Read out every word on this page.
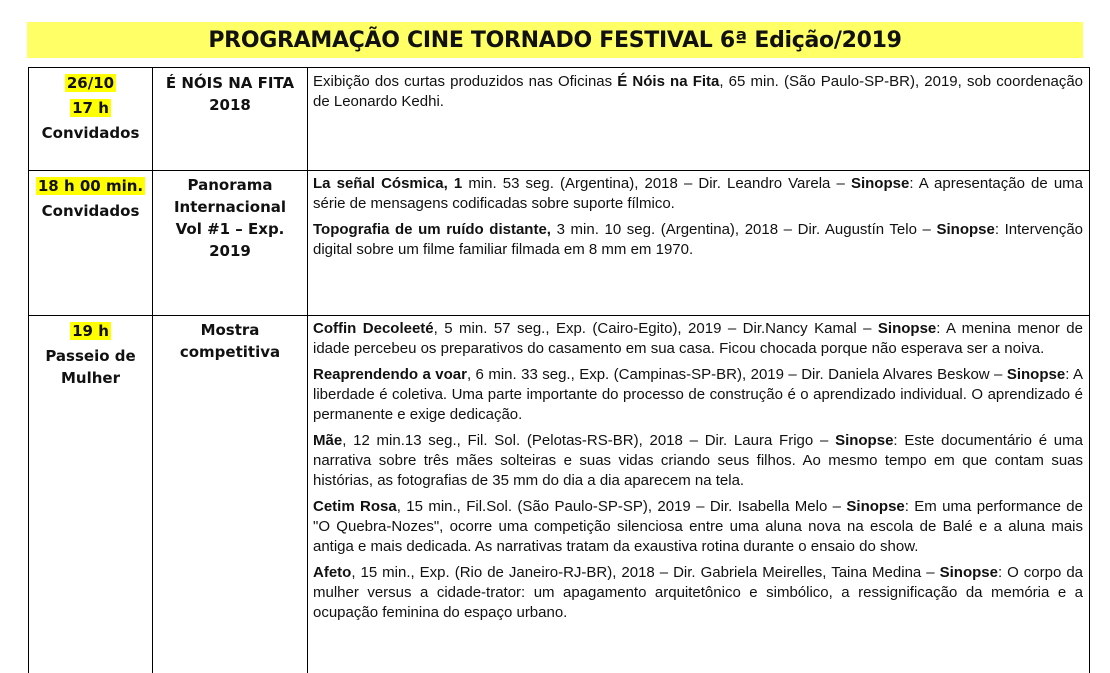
PROGRAMAÇÃO CINE TORNADO FESTIVAL 6ª Edição/2019
26/10
17 h
Convidados
É NÓIS NA FITA 2018

Exibição dos curtas produzidos nas Oficinas É Nóis na Fita, 65 min. (São Paulo-SP-BR), 2019, sob coordenação de Leonardo Kedhi.

18 h 00 min.
Convidados
Panorama Internacional Vol #1 – Exp. 2019

La señal Cósmica, 1 min. 53 seg. (Argentina), 2018 – Dir. Leandro Varela – Sinopse: A apresentação de uma série de mensagens codificadas sobre suporte fílmico.

Topografia de um ruído distante, 3 min. 10 seg. (Argentina), 2018 – Dir. Augustín Telo – Sinopse: Intervenção digital sobre um filme familiar filmada em 8 mm em 1970.

19 h
Passeio de Mulher
Mostra competitiva

Coffin Decoleeté, 5 min. 57 seg., Exp. (Cairo-Egito), 2019 – Dir.Nancy Kamal – Sinopse: A menina menor de idade percebeu os preparativos do casamento em sua casa. Ficou chocada porque não esperava ser a noiva.

Reaprendendo a voar, 6 min. 33 seg., Exp. (Campinas-SP-BR), 2019 – Dir. Daniela Alvares Beskow – Sinopse: A liberdade é coletiva. Uma parte importante do processo de construção é o aprendizado individual. O aprendizado é permanente e exige dedicação.

Mãe, 12 min.13 seg., Fil. Sol. (Pelotas-RS-BR), 2018 – Dir. Laura Frigo – Sinopse: Este documentário é uma narrativa sobre três mães solteiras e suas vidas criando seus filhos. Ao mesmo tempo em que contam suas histórias, as fotografias de 35 mm do dia a dia aparecem na tela.

Cetim Rosa, 15 min., Fil.Sol. (São Paulo-SP-SP), 2019 – Dir. Isabella Melo – Sinopse: Em uma performance de "O Quebra-Nozes", ocorre uma competição silenciosa entre uma aluna nova na escola de Balé e a aluna mais antiga e mais dedicada. As narrativas tratam da exaustiva rotina durante o ensaio do show.

Afeto, 15 min., Exp. (Rio de Janeiro-RJ-BR), 2018 – Dir. Gabriela Meirelles, Taina Medina – Sinopse: O corpo da mulher versus a cidade-trator: um apagamento arquitetônico e simbólico, a ressignificação da memória e a ocupação feminina do espaço urbano.
